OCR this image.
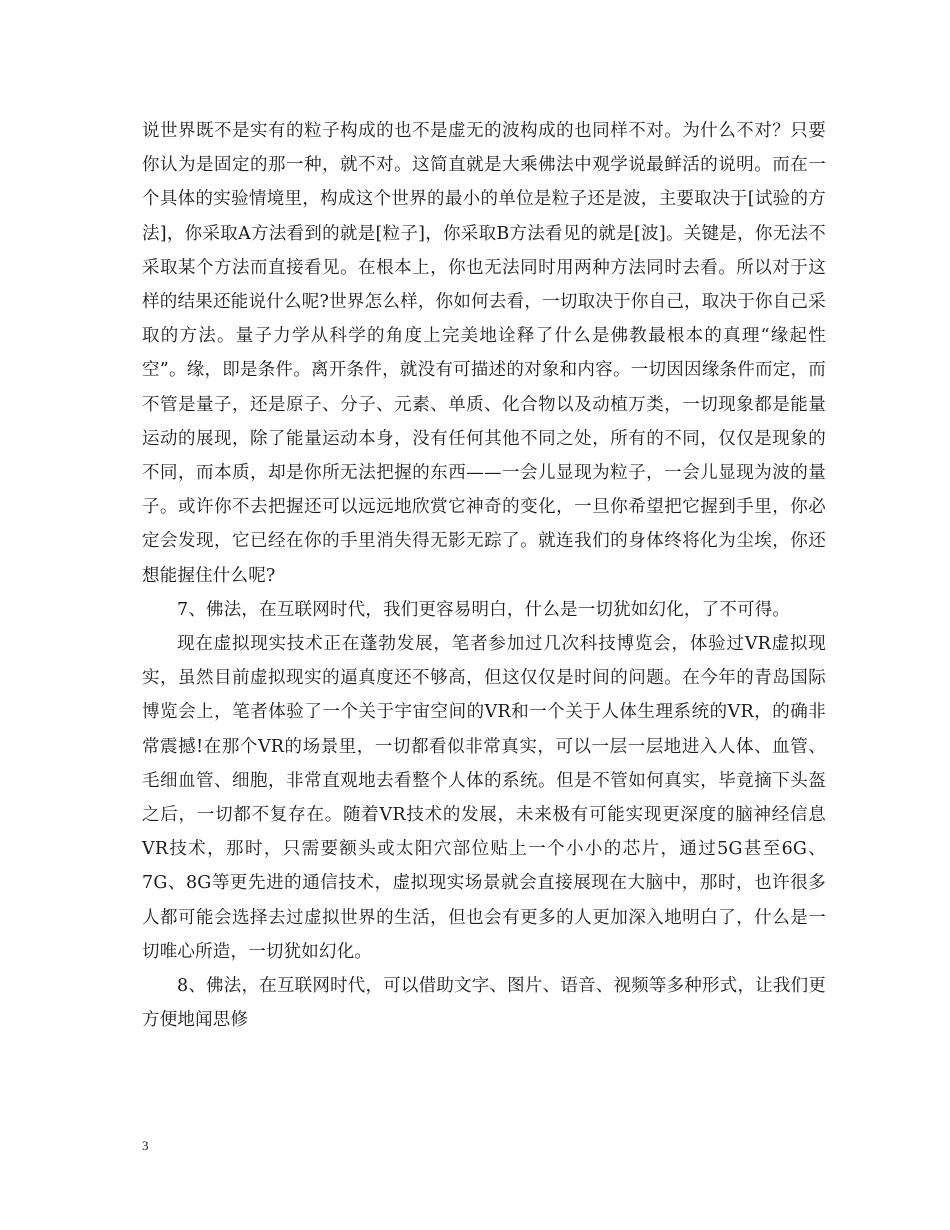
说世界既不是实有的粒子构成的也不是虚无的波构成的也同样不对。为什么不对？只要你认为是固定的那一种，就不对。这简直就是大乘佛法中观学说最鲜活的说明。而在一个具体的实验情境里，构成这个世界的最小的单位是粒子还是波，主要取决于[试验的方法]，你采取A方法看到的就是[粒子]，你采取B方法看见的就是[波]。关键是，你无法不采取某个方法而直接看见。在根本上，你也无法同时用两种方法同时去看。所以对于这样的结果还能说什么呢?世界怎么样，你如何去看，一切取决于你自己，取决于你自己采取的方法。量子力学从科学的角度上完美地诠释了什么是佛教最根本的真理“缘起性空”。缘，即是条件。离开条件，就没有可描述的对象和内容。一切因因缘条件而定，而不管是量子，还是原子、分子、元素、单质、化合物以及动植万类，一切现象都是能量运动的展现，除了能量运动本身，没有任何其他不同之处，所有的不同，仅仅是现象的不同，而本质，却是你所无法把握的东西——一会儿显现为粒子，一会儿显现为波的量子。或许你不去把握还可以远远地欣赏它神奇的变化，一旦你希望把它握到手里，你必定会发现，它已经在你的手里消失得无影无踪了。就连我们的身体终将化为尘埃，你还想能握住什么呢?

7、佛法，在互联网时代，我们更容易明白，什么是一切犹如幻化，了不可得。

现在虚拟现实技术正在蓬勃发展，笔者参加过几次科技博览会，体验过VR虚拟现实，虽然目前虚拟现实的逼真度还不够高，但这仅仅是时间的问题。在今年的青岛国际博览会上，笔者体验了一个关于宇宙空间的VR和一个关于人体生理系统的VR，的确非常震撼!在那个VR的场景里，一切都看似非常真实，可以一层一层地进入人体、血管、毛细血管、细胞，非常直观地去看整个人体的系统。但是不管如何真实，毕竟摘下头盔之后，一切都不复存在。随着VR技术的发展，未来极有可能实现更深度的脑神经信息VR技术，那时，只需要额头或太阳穴部位贴上一个小小的芯片，通过5G甚至6G、7G、8G等更先进的通信技术，虚拟现实场景就会直接展现在大脑中，那时，也许很多人都可能会选择去过虚拟世界的生活，但也会有更多的人更加深入地明白了，什么是一切唯心所造，一切犹如幻化。

8、佛法，在互联网时代，可以借助文字、图片、语音、视频等多种形式，让我们更方便地闻思修

3
